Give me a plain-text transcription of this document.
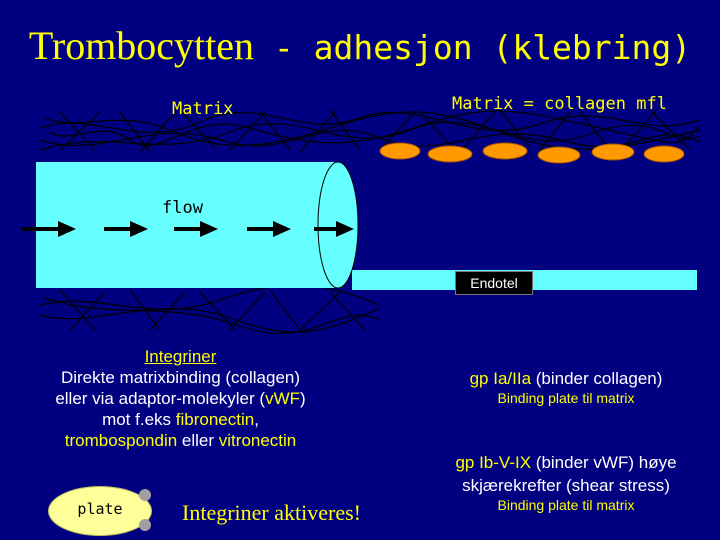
Trombocytten - adhesjon (klebring)
Matrix	Matrix = collagen mfl
flow
Endotel
Integriner
Direkte matrixbinding (collagen)
eller via adaptor-molekyler (vWF)
mot f.eks fibronectin,
trombospondin eller vitronectin
plate	Integriner aktiveres!
gp Ia/IIa (binder collagen)
Binding plate til matrix
gp Ib-V-IX (binder vWF) høye
skjærekrefter (shear stress)
Binding plate til matrix
